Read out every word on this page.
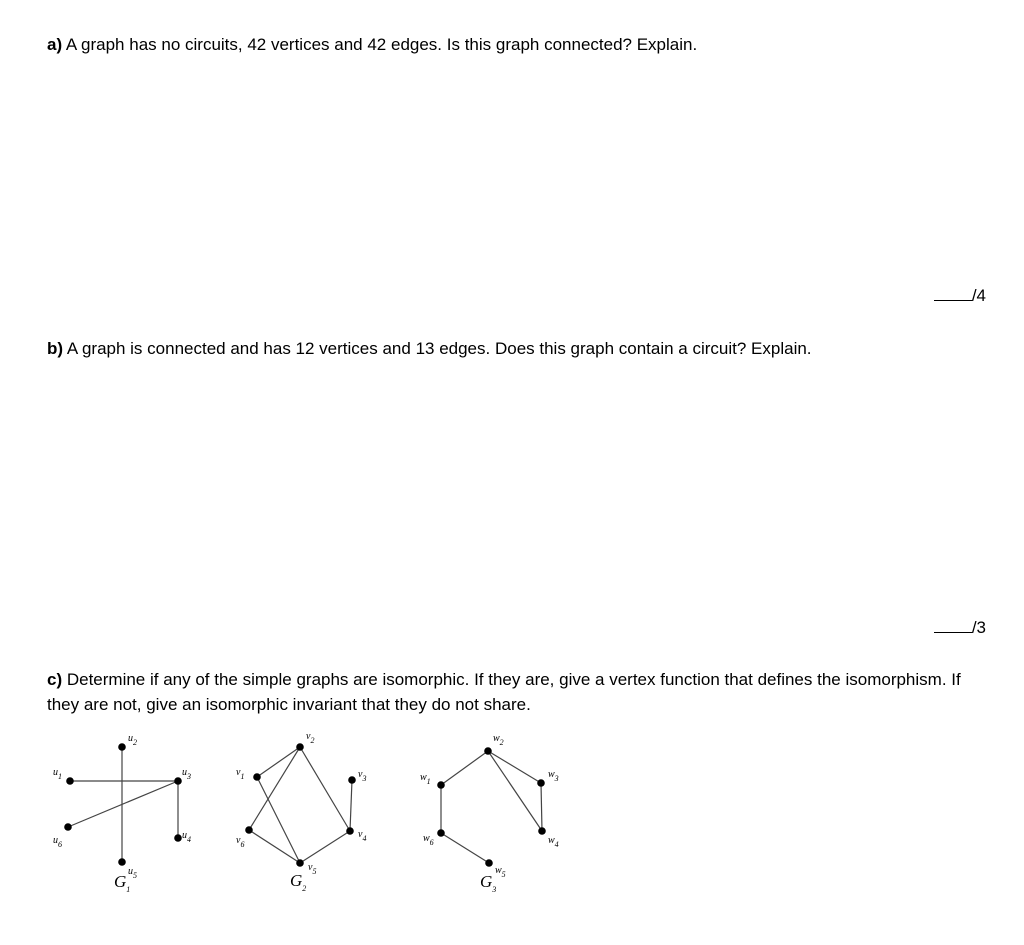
a) A graph has no circuits, 42 vertices and 42 edges. Is this graph connected? Explain.
/4
b) A graph is connected and has 12 vertices and 13 edges. Does this graph contain a circuit? Explain.
/3
c) Determine if any of the simple graphs are isomorphic. If they are, give a vertex function that defines the isomorphism. If they are not, give an isomorphic invariant that they do not share.
$u_2$
$u_1$	$u_3$
$u_4$
$u_6$
$u_5$
$G_1$
$v_2$
$v_1$	$v_3$
$v_4$
$v_6$
$v_5$
$G_2$
$w_2$
$w_1$
$w_3$
$w_4$
$w_6$
$w_5$
$G_3$
